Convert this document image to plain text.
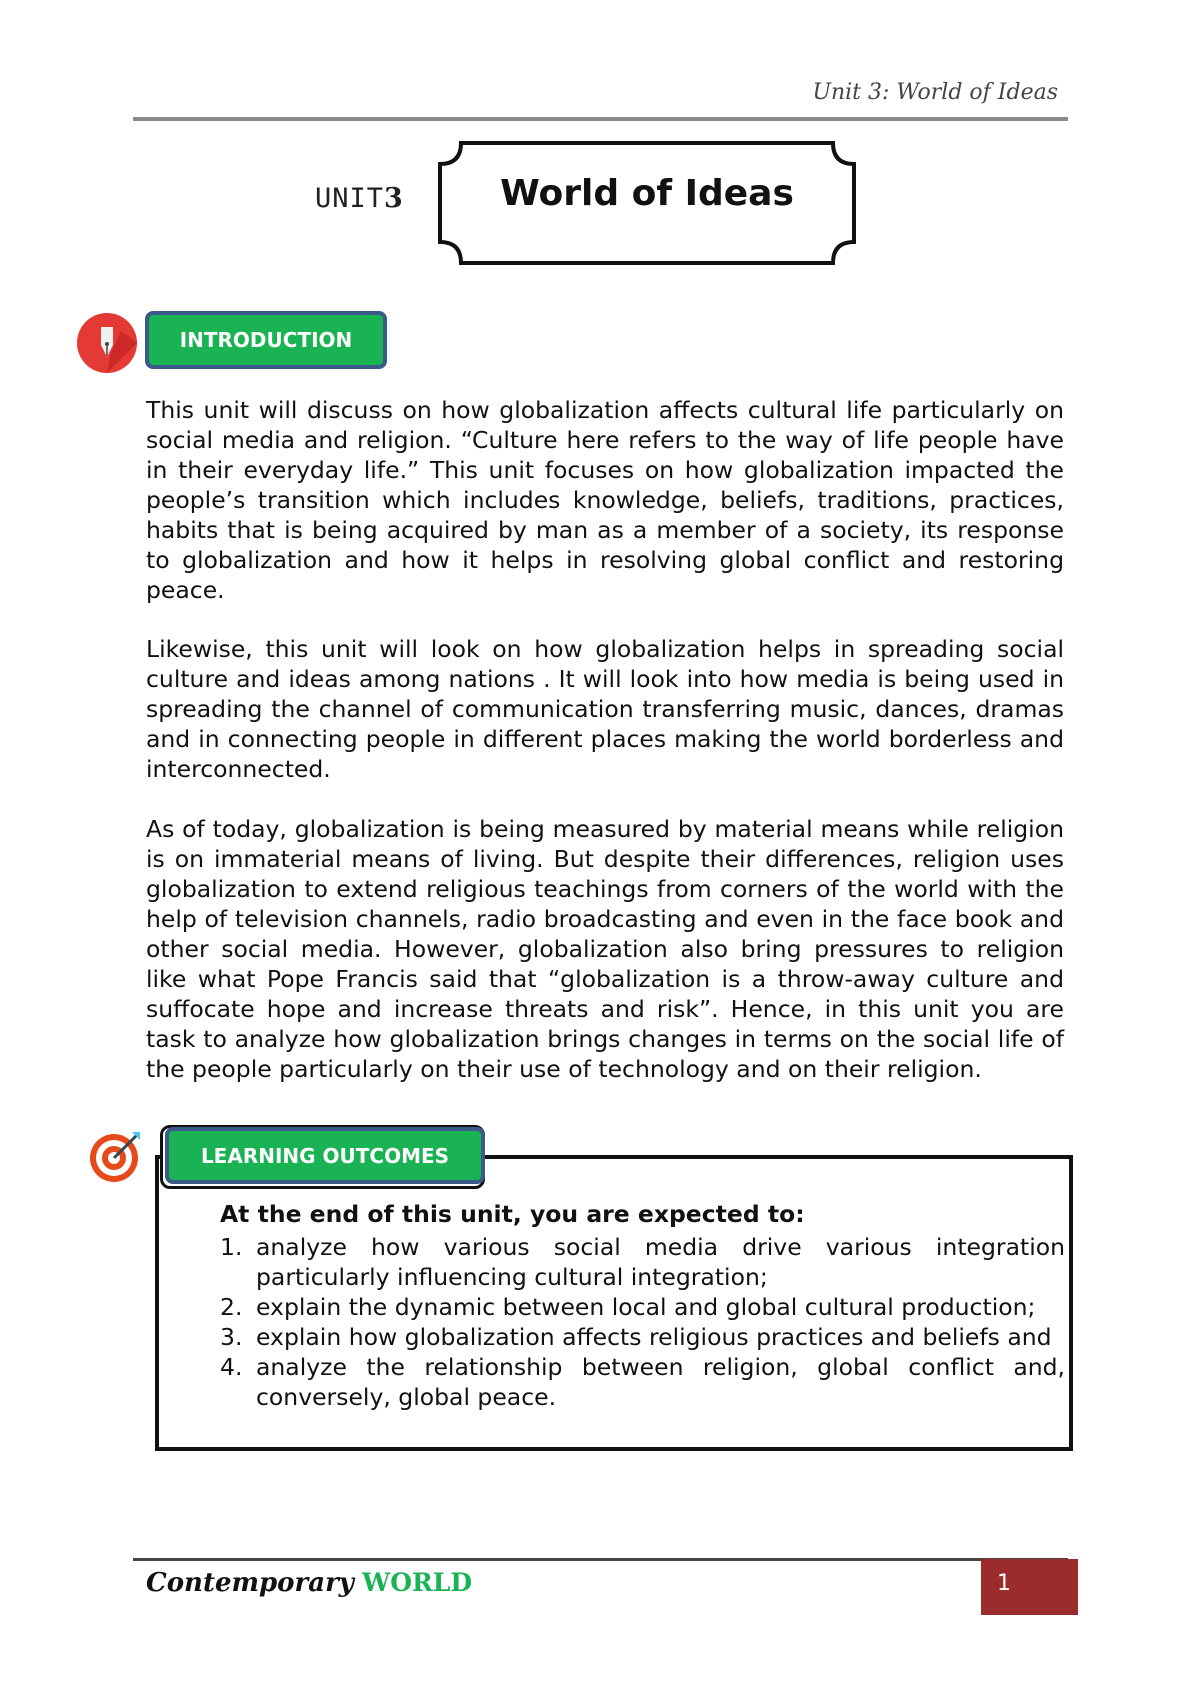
Unit 3: World of Ideas
UNIT3	World of Ideas
INTRODUCTION

This unit will discuss on how globalization affects cultural life particularly on social media and religion. “Culture here refers to the way of life people have in their everyday life.” This unit focuses on how globalization impacted the people’s transition which includes knowledge, beliefs, traditions, practices, habits that is being acquired by man as a member of a society, its response to globalization and how it helps in resolving global conflict and restoring peace.

Likewise, this unit will look on how globalization helps in spreading social culture and ideas among nations . It will look into how media is being used in spreading the channel of communication transferring music, dances, dramas and in connecting people in different places making the world borderless and interconnected.

As of today, globalization is being measured by material means while religion is on immaterial means of living. But despite their differences, religion uses globalization to extend religious teachings from corners of the world with the help of television channels, radio broadcasting and even in the face book and other social media. However, globalization also bring pressures to religion like what Pope Francis said that “globalization is a throw-away culture and suffocate hope and increase threats and risk”. Hence, in this unit you are task to analyze how globalization brings changes in terms on the social life of the people particularly on their use of technology and on their religion.

LEARNING OUTCOMES
At the end of this unit, you are expected to:
1. analyze how various social media drive various integration particularly influencing cultural integration;
2. explain the dynamic between local and global cultural production;
3. explain how globalization affects religious practices and beliefs and
4. analyze the relationship between religion, global conflict and, conversely, global peace.
Contemporary WORLD	1
